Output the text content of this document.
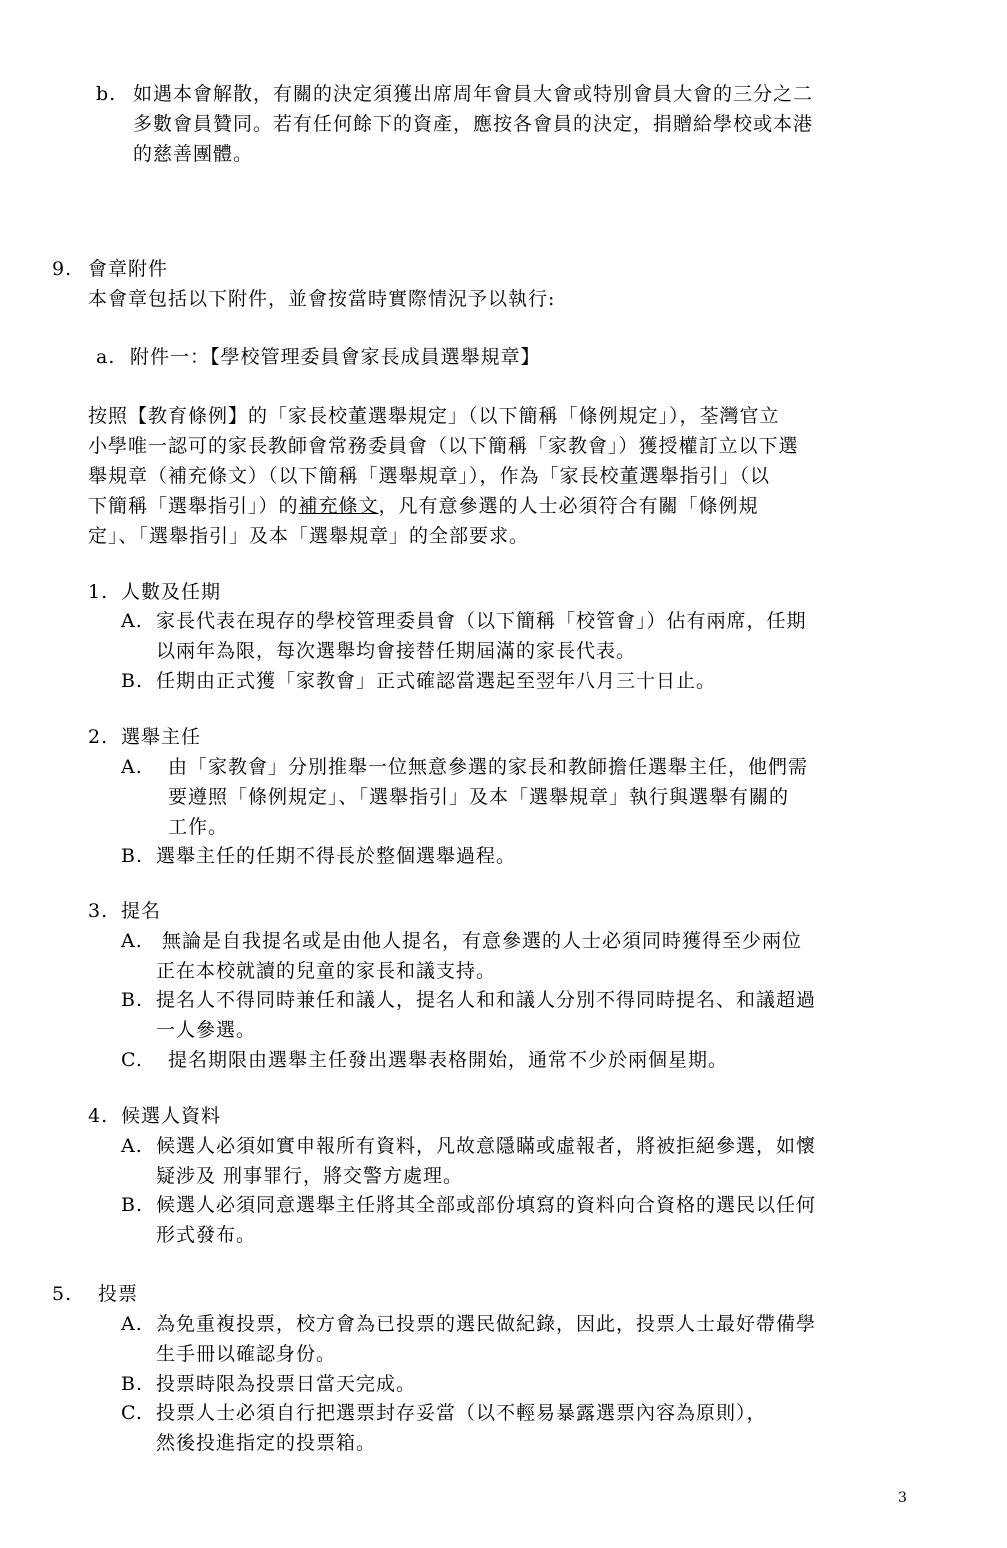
b. 如遇本會解散，有關的決定須獲出席周年會員大會或特別會員大會的三分之二
多數會員贊同。若有任何餘下的資產，應按各會員的決定，捐贈給學校或本港
的慈善團體。
9. 會章附件
本會章包括以下附件，並會按當時實際情況予以執行:
a. 附件一：【學校管理委員會家長成員選舉規章】
按照【教育條例】的「家長校董選舉規定」（以下簡稱「條例規定」），荃灣官立
小學唯一認可的家長教師會常務委員會（以下簡稱「家教會」）獲授權訂立以下選
舉規章（補充條文）（以下簡稱「選舉規章」），作為「家長校董選舉指引」（以
下簡稱「選舉指引」）的補充條文，凡有意參選的人士必須符合有關「條例規
定」、「選舉指引」及本「選舉規章」的全部要求。
1. 人數及任期
A. 家長代表在現存的學校管理委員會（以下簡稱「校管會」）佔有兩席，任期
以兩年為限，每次選舉均會接替任期屆滿的家長代表。
B. 任期由正式獲「家教會」正式確認當選起至翌年八月三十日止。
2. 選舉主任
A. 由「家教會」分別推舉一位無意參選的家長和教師擔任選舉主任，他們需
要遵照「條例規定」、「選舉指引」及本「選舉規章」執行與選舉有關的
工作。
B. 選舉主任的任期不得長於整個選舉過程。
3. 提名
A. 無論是自我提名或是由他人提名，有意參選的人士必須同時獲得至少兩位
正在本校就讀的兒童的家長和議支持。
B. 提名人不得同時兼任和議人，提名人和和議人分別不得同時提名、和議超過
一人參選。
C. 提名期限由選舉主任發出選舉表格開始，通常不少於兩個星期。
4. 候選人資料
A. 候選人必須如實申報所有資料，凡故意隱瞞或虛報者，將被拒絕參選，如懷
疑涉及 刑事罪行，將交警方處理。
B. 候選人必須同意選舉主任將其全部或部份填寫的資料向合資格的選民以任何
形式發布。
5. 投票
A. 為免重複投票，校方會為已投票的選民做紀錄，因此，投票人士最好帶備學
生手冊以確認身份。
B. 投票時限為投票日當天完成。
C. 投票人士必須自行把選票封存妥當（以不輕易暴露選票內容為原則），
然後投進指定的投票箱。
3
